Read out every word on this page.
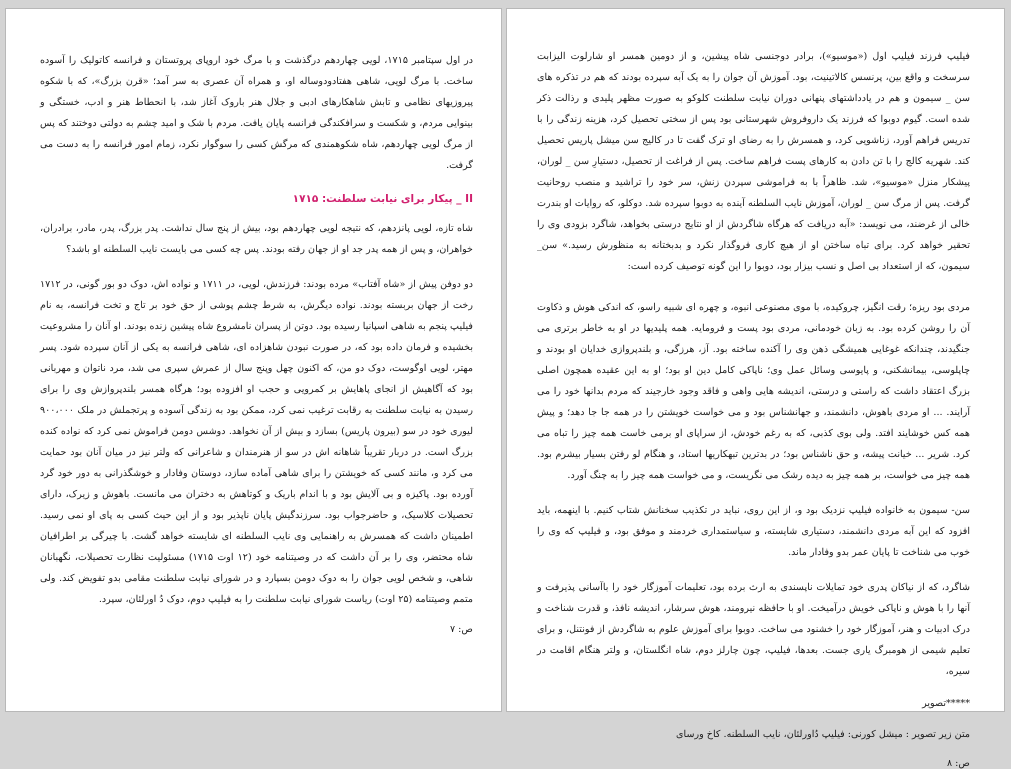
در اول سپتامبر ۱۷۱۵، لویی چهاردهم درگذشت و با مرگ خود اروپای پروتستان و فرانسه کاتولیک را آسوده ساخت. با مرگ لویی، شاهی هفتادودوساله او، و همراه آن عصری به سر آمد؛ «قرن بزرگ»، که با شکوه پیروزیهای نظامی و تابش شاهکارهای ادبی و جلال هنر باروک آغاز شد، با انحطاط هنر و ادب، خستگی و بینوایی مردم، و شکست و سرافکندگی فرانسه پایان یافت. مردم با شک و امید چشم به دولتی دوختند که پس از مرگ لویی چهاردهم، شاه شکوهمندی که مرگش کسی را سوگوار نکرد، زمام امور فرانسه را به دست می گرفت.

II _ پیکار برای نیابت سلطنت: ۱۷۱۵

شاه تازه، لویی پانزدهم، که نتیجه لویی چهاردهم بود، بیش از پنج سال نداشت. پدر بزرگ، پدر، مادر، برادران، خواهران، و پس از همه پدر جد او از جهان رفته بودند. پس چه کسی می بایست نایب السلطنه او باشد؟

دو دوفن پیش از «شاه آفتاب» مرده بودند: فرزندش، لویی، در ۱۷۱۱ و نواده اش، دوک دو بور گونی، در ۱۷۱۲ رخت از جهان بربسته بودند. نواده دیگرش، به شرط چشم پوشی از حق خود بر تاج و تخت فرانسه، به نام فیلیپ پنجم به شاهی اسپانیا رسیده بود. دوتن از پسران نامشروع شاه پیشین زنده بودند. او آنان را مشروعیت بخشیده و فرمان داده بود که، در صورت نبودن شاهزاده ای، شاهی فرانسه به یکی از آنان سپرده شود. پسر مهتر، لویی اوگوست، دوک دو من، که اکنون چهل وپنج سال از عمرش سپری می شد، مرد ناتوان و مهربانی بود که آگاهیش از انجای پاهایش بر کمرویی و حجب او افزوده بود؛ هرگاه همسر بلندپروازش وی را برای رسیدن به نیابت سلطنت به رقابت ترغیب نمی کرد، ممکن بود به زندگی آسوده و پرتجملش در ملک ۹۰۰،۰۰۰ لیوری خود در سو (بیرون پاریس) بسازد و بیش از آن نخواهد. دوشس دومن فراموش نمی کرد که نواده کنده بزرگ است. در دربار تقریباً شاهانه اش در سو از هنرمندان و شاعرانی که ولتر نیز در میان آنان بود حمایت می کرد و، مانند کسی که خویشتن را برای شاهی آماده سازد، دوستان وفادار و خوشگذرانی به دور خود گرد آورده بود. پاکیزه و بی آلایش بود و با اندام باریک و کوتاهش به دختران می مانست. باهوش و زیرک، دارای تحصیلات کلاسیک، و حاضرجواب بود. سرزندگیش پایان ناپذیر بود و از این حیث کسی به پای او نمی رسید. اطمینان داشت که همسرش به راهنمایی وی نایب السلطنه ای شایسته خواهد گشت. با چیرگی بر اطرافیان شاه محتضر، وی را بر آن داشت که در وصیتنامه خود (۱۲ اوت ۱۷۱۵) مسئولیت نظارت تحصیلات، نگهبانان شاهی، و شخص لویی جوان را به دوک دومن بسپارد و در شورای نیابت سلطنت مقامی بدو تفویض کند. ولی متمم وصیتنامه (۲۵ اوت) ریاست شورای نیابت سلطنت را به فیلیپ دوم، دوک دُ اورلئان، سپرد.

ص: ۷

فیلیپ فرزند فیلیپ اول («موسیو»)، برادر دوجنسی شاه پیشین، و از دومین همسر او شارلوت الیزابت سرسخت و واقع بین، پرنسس کالاتینیت، بود. آموزش آن جوان را به یک آبه سپرده بودند که هم در تذکره های سن _ سیمون و هم در یادداشتهای پنهانی دوران نیابت سلطنت کلوکو به صورت مظهر پلیدی و رذالت ذکر شده است. گیوم دوبوا که فرزند یک داروفروش شهرستانی بود پس از سختی تحصیل کرد، هزینه زندگی را با تدریس فراهم آورد، زناشویی کرد، و همسرش را به رضای او ترک گفت تا در کالیج سن میشل پاریس تحصیل کند. شهریه کالج را با تن دادن به کارهای پست فراهم ساخت. پس از فراغت از تحصیل، دستیارِ سن _ لوران، پیشکار منزل «موسیو»، شد. ظاهراً با به فراموشی سپردن زنش، سر خود را تراشید و منصب روحانیت گرفت. پس از مرگ سن _ لوران، آموزش نایب السلطنه آینده به دوبوا سپرده شد. دوکلو، که روایات او بندرت خالی از غرضند، می نویسد: «آبه دریافت که هرگاه شاگردش از او نتایج درستی بخواهد، شاگرد بزودی وی را تحقیر خواهد کرد. برای تباه ساختن او از هیچ کاری فروگذار نکرد و بدبختانه به منظورش رسید.» سن_ سیمون، که از استعداد بی اصل و نسب بیزار بود، دوبوا را این گونه توصیف کرده است:

مردی بود ریزه؛ رقت انگیز، چروکیده، با موی مصنوعی انبوه، و چهره ای شبیه راسو، که اندکی هوش و ذکاوت آن را روشن کرده بود. به زبان خودمانی، مردی بود پست و فرومایه. همه پلیدیها در او به خاطر برتری می جنگیدند، چندانکه غوغایی همیشگی ذهن وی را آکنده ساخته بود. آز، هرزگی، و بلندپروازی خدایان او بودند و چاپلوسی، بیمانشکنی، و پایوسی وسائل عمل وی؛ ناپاکی کامل دین او بود؛ او به این عقیده همچون اصلی بزرگ اعتقاد داشت که راستی و درستی، اندیشه هایی واهی و فاقد وجود خارجیند که مردم بدانها خود را می آرایند. ... او مردی باهوش، دانشمند، و جهانشناس بود و می خواست خویشتن را در همه جا جا دهد؛ و پیش همه کس خوشایند افتد. ولی بوی کذبی، که به رغم خودش، از سراپای او برمی خاست همه چیز را تباه می کرد. شریر ... خیانت پیشه، و حق ناشناس بود؛ در بدترین تبهکاریها استاد، و هنگام لو رفتن بسیار بیشرم بود. همه چیز می خواست، بر همه چیز به دیده رشک می نگریست، و می خواست همه چیز را به چنگ آورد.

سن- سیمون به خانواده فیلیپ نزدیک بود و، از این روی، نباید در تکذیب سخنانش شتاب کنیم. با اینهمه، باید افزود که این آبه مردی دانشمند، دستیاری شایسته، و سیاستمداری خردمند و موفق بود، و فیلیپ که وی را خوب می شناخت تا پایان عمر بدو وفادار ماند.

شاگرد، که از نیاکان پدری خود تمایلات ناپسندی به ارث برده بود، تعلیمات آموزگار خود را باآسانی پذیرفت و آنها را با هوش و ناپاکی خویش درآمیخت. او با حافظه نیرومند، هوش سرشار، اندیشه نافذ، و قدرت شناخت و درک ادبیات و هنر، آموزگار خود را خشنود می ساخت. دوبوا برای آموزش علوم به شاگردش از فونتنل، و برای تعلیم شیمی از هومبرگ یاری جست. بعدها، فیلیپ، چون چارلز دوم، شاه انگلستان، و ولتر هنگام اقامت در سیره،

*****تصویر
متن زیر تصویر : میشل کورنی: فیلیپ دُاورلئان، نایب السلطنه. کاخ ورسای
ص: ۸
